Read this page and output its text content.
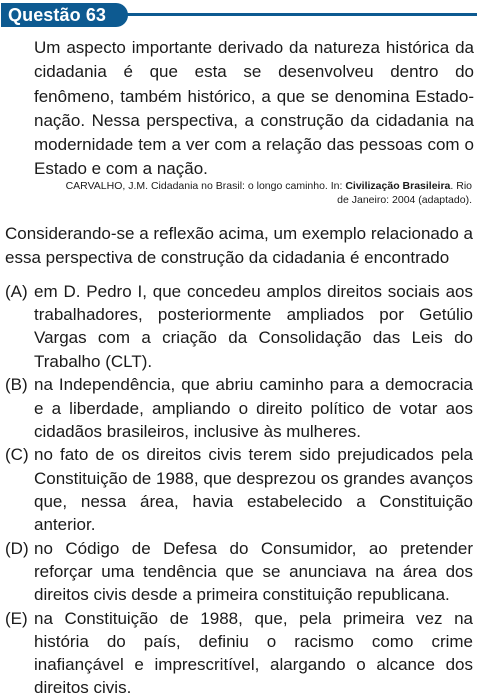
Questão 63

Um aspecto importante derivado da natureza histórica da cidadania é que esta se desenvolveu dentro do fenômeno, também histórico, a que se denomina Estado-nação. Nessa perspectiva, a construção da cidadania na modernidade tem a ver com a relação das pessoas com o Estado e com a nação.

CARVALHO, J.M. Cidadania no Brasil: o longo caminho. In: Civilização Brasileira. Rio de Janeiro: 2004 (adaptado).

Considerando-se a reflexão acima, um exemplo relacionado a essa perspectiva de construção da cidadania é encontrado

(A) em D. Pedro I, que concedeu amplos direitos sociais aos trabalhadores, posteriormente ampliados por Getúlio Vargas com a criação da Consolidação das Leis do Trabalho (CLT).
(B) na Independência, que abriu caminho para a democracia e a liberdade, ampliando o direito político de votar aos cidadãos brasileiros, inclusive às mulheres.
(C) no fato de os direitos civis terem sido prejudicados pela Constituição de 1988, que desprezou os grandes avanços que, nessa área, havia estabelecido a Constituição anterior.
(D) no Código de Defesa do Consumidor, ao pretender reforçar uma tendência que se anunciava na área dos direitos civis desde a primeira constituição republicana.
(E) na Constituição de 1988, que, pela primeira vez na história do país, definiu o racismo como crime inafiançável e imprescritível, alargando o alcance dos direitos civis.
